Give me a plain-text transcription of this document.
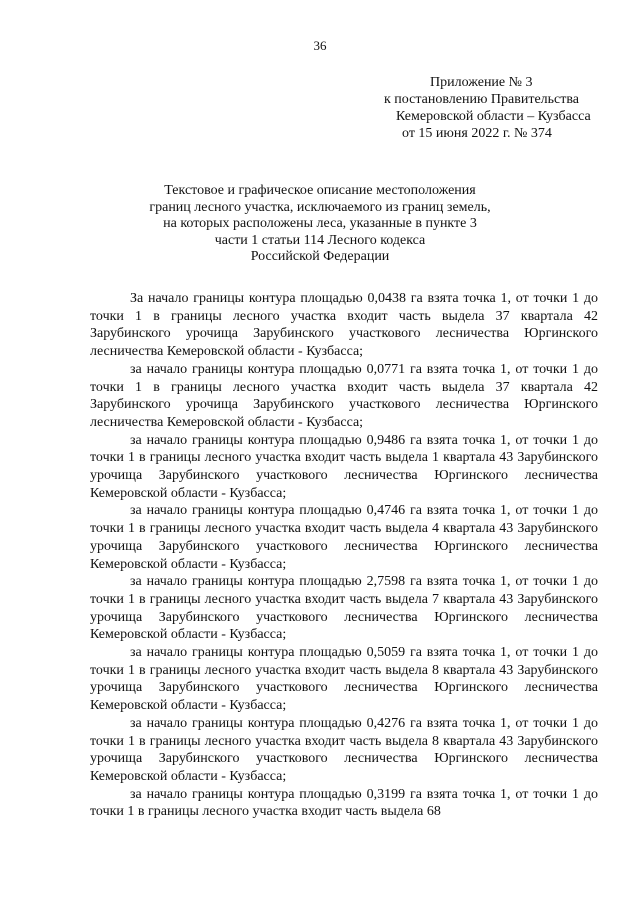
36
Приложение № 3
к постановлению Правительства
Кемеровской области – Кузбасса
от 15 июня 2022 г. № 374
Текстовое и графическое описание местоположения
границ лесного участка, исключаемого из границ земель,
на которых расположены леса, указанные в пункте 3
части 1 статьи 114 Лесного кодекса
Российской Федерации

За начало границы контура площадью 0,0438 га взята точка 1, от точки 1 до точки 1 в границы лесного участка входит часть выдела 37 квартала 42 Зарубинского урочища Зарубинского участкового лесничества Юргинского лесничества Кемеровской области - Кузбасса;

за начало границы контура площадью 0,0771 га взята точка 1, от точки 1 до точки 1 в границы лесного участка входит часть выдела 37 квартала 42 Зарубинского урочища Зарубинского участкового лесничества Юргинского лесничества Кемеровской области - Кузбасса;

за начало границы контура площадью 0,9486 га взята точка 1, от точки 1 до точки 1 в границы лесного участка входит часть выдела 1 квартала 43 Зарубинского урочища Зарубинского участкового лесничества Юргинского лесничества Кемеровской области - Кузбасса;

за начало границы контура площадью 0,4746 га взята точка 1, от точки 1 до точки 1 в границы лесного участка входит часть выдела 4 квартала 43 Зарубинского урочища Зарубинского участкового лесничества Юргинского лесничества Кемеровской области - Кузбасса;

за начало границы контура площадью 2,7598 га взята точка 1, от точки 1 до точки 1 в границы лесного участка входит часть выдела 7 квартала 43 Зарубинского урочища Зарубинского участкового лесничества Юргинского лесничества Кемеровской области - Кузбасса;

за начало границы контура площадью 0,5059 га взята точка 1, от точки 1 до точки 1 в границы лесного участка входит часть выдела 8 квартала 43 Зарубинского урочища Зарубинского участкового лесничества Юргинского лесничества Кемеровской области - Кузбасса;

за начало границы контура площадью 0,4276 га взята точка 1, от точки 1 до точки 1 в границы лесного участка входит часть выдела 8 квартала 43 Зарубинского урочища Зарубинского участкового лесничества Юргинского лесничества Кемеровской области - Кузбасса;

за начало границы контура площадью 0,3199 га взята точка 1, от точки 1 до точки 1 в границы лесного участка входит часть выдела 68
